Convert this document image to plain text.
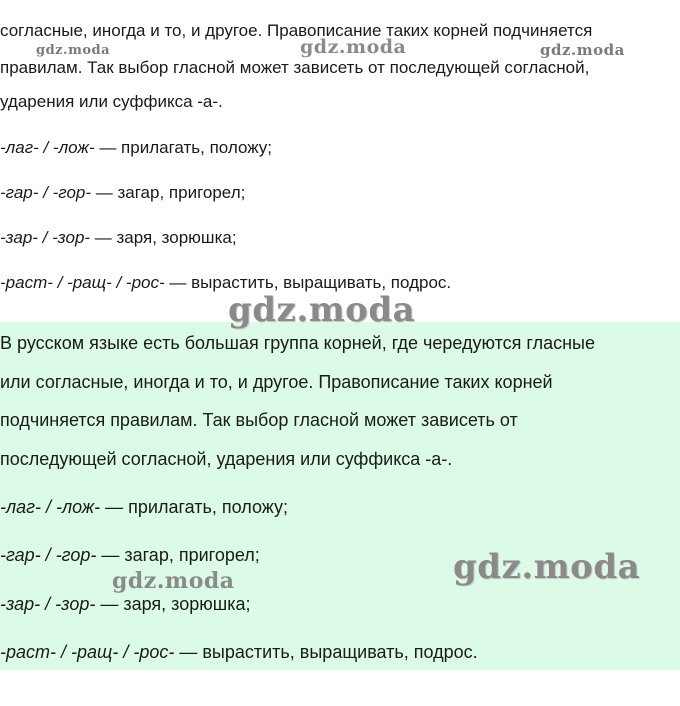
согласные, иногда и то, и другое. Правописание таких корней подчиняется
правилам. Так выбор гласной может зависеть от последующей согласной,
ударения или суффикса -а-.
-лаг- / -лож- — прилагать, положу;
-гар- / -гор- — загар, пригорел;
-зар- / -зор- — заря, зорюшка;
-раст- / -ращ- / -рос- — вырастить, выращивать, подрос.
В русском языке есть большая группа корней, где чередуются гласные
или согласные, иногда и то, и другое. Правописание таких корней
подчиняется правилам. Так выбор гласной может зависеть от
последующей согласной, ударения или суффикса -а-.
-лаг- / -лож- — прилагать, положу;
-гар- / -гор- — загар, пригорел;
-зар- / -зор- — заря, зорюшка;
-раст- / -ращ- / -рос- — вырастить, выращивать, подрос.
gdz.moda	gdz.moda	gdz.moda
gdz.moda
gdz.moda	gdz.moda
